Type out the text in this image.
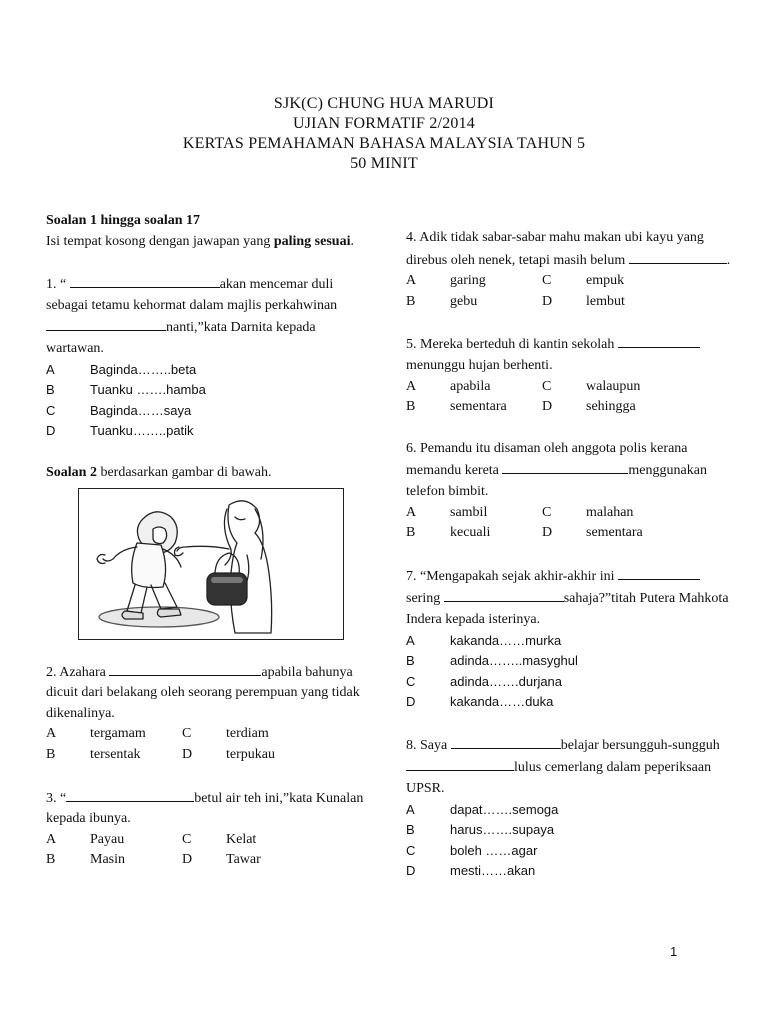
SJK(C) CHUNG HUA MARUDI
UJIAN FORMATIF 2/2014
KERTAS PEMAHAMAN BAHASA MALAYSIA TAHUN 5
50 MINIT

Soalan 1 hingga soalan 17

Isi tempat kosong dengan jawapan yang paling sesuai.

1. “	akan mencemar duli sebagai tetamu kehormat dalam majlis perkahwinan nanti,”kata Darnita kepada wartawan.

A	Baginda……..beta
B	Tuanku …….hamba
C	Baginda……saya
D	Tuanku……..patik

Soalan 2 berdasarkan gambar di bawah.

2. Azahara	apabila bahunya dicuit dari belakang oleh seorang perempuan yang tidak dikenalinya.

A	tergamam	C	terdiam
B	tersentak	D	terpukau

3. “	betul air teh ini,”kata Kunalan kepada ibunya.

A	Payau	C	Kelat
B	Masin	D	Tawar

4. Adik tidak sabar-sabar mahu makan ubi kayu yang direbus oleh nenek, tetapi masih belum	.

A	garing	C	empuk
B	gebu	D	lembut

5. Mereka berteduh di kantin sekolah  menunggu hujan berhenti.

A	apabila	C	walaupun
B	sementara	D	sehingga

6. Pemandu itu disaman oleh anggota polis kerana memandu kereta	menggunakan telefon bimbit.

A	sambil	C	malahan
B	kecuali	D	sementara

7. “Mengapakah sejak akhir-akhir ini  sering	sahaja?”titah Putera Mahkota Indera kepada isterinya.

A	kakanda……murka
B	adinda……..masyghul
C	adinda…….durjana
D	kakanda……duka

8. Saya	belajar bersungguh-sungguh lulus cemerlang dalam peperiksaan UPSR.

A	dapat…….semoga
B	harus…….supaya
C	boleh ……agar
D	mesti……akan
1
